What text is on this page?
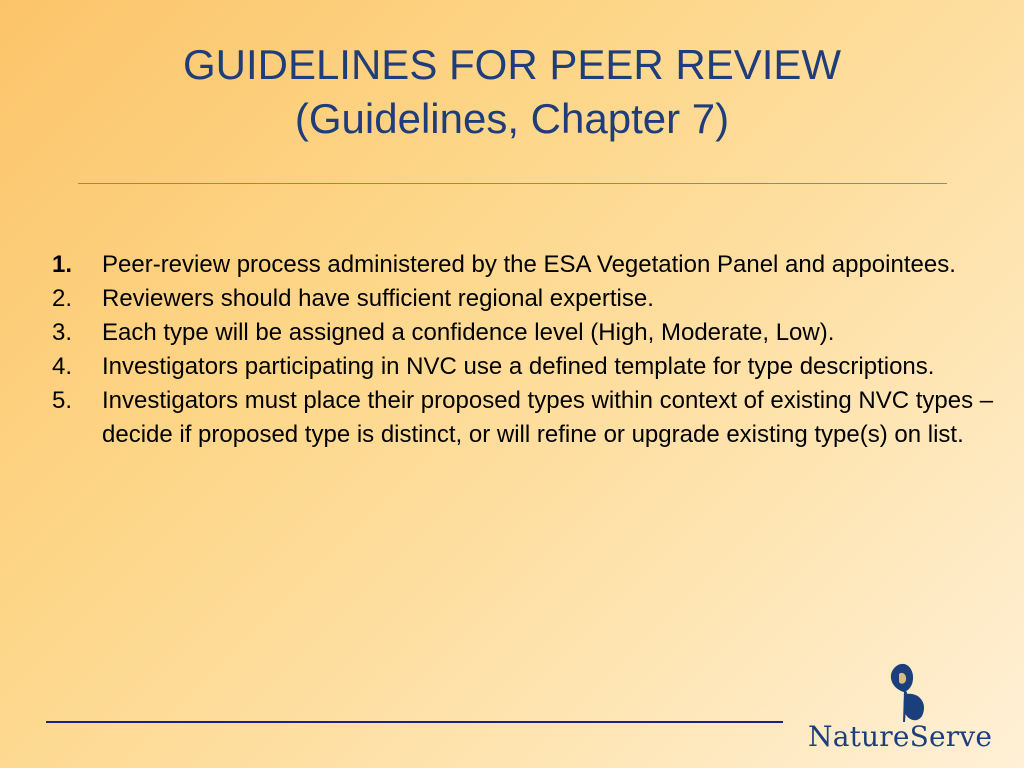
GUIDELINES FOR PEER REVIEW
(Guidelines, Chapter 7)
1.	Peer-review process administered by the ESA Vegetation Panel and appointees.
2.	Reviewers should have sufficient regional expertise.
3.	Each type will be assigned a confidence level (High, Moderate, Low).
4.	Investigators participating in NVC use a defined template for type descriptions.
5.	Investigators must place their proposed types within context of existing NVC types – decide if proposed type is distinct, or will refine or upgrade existing type(s) on list.
NatureServe
